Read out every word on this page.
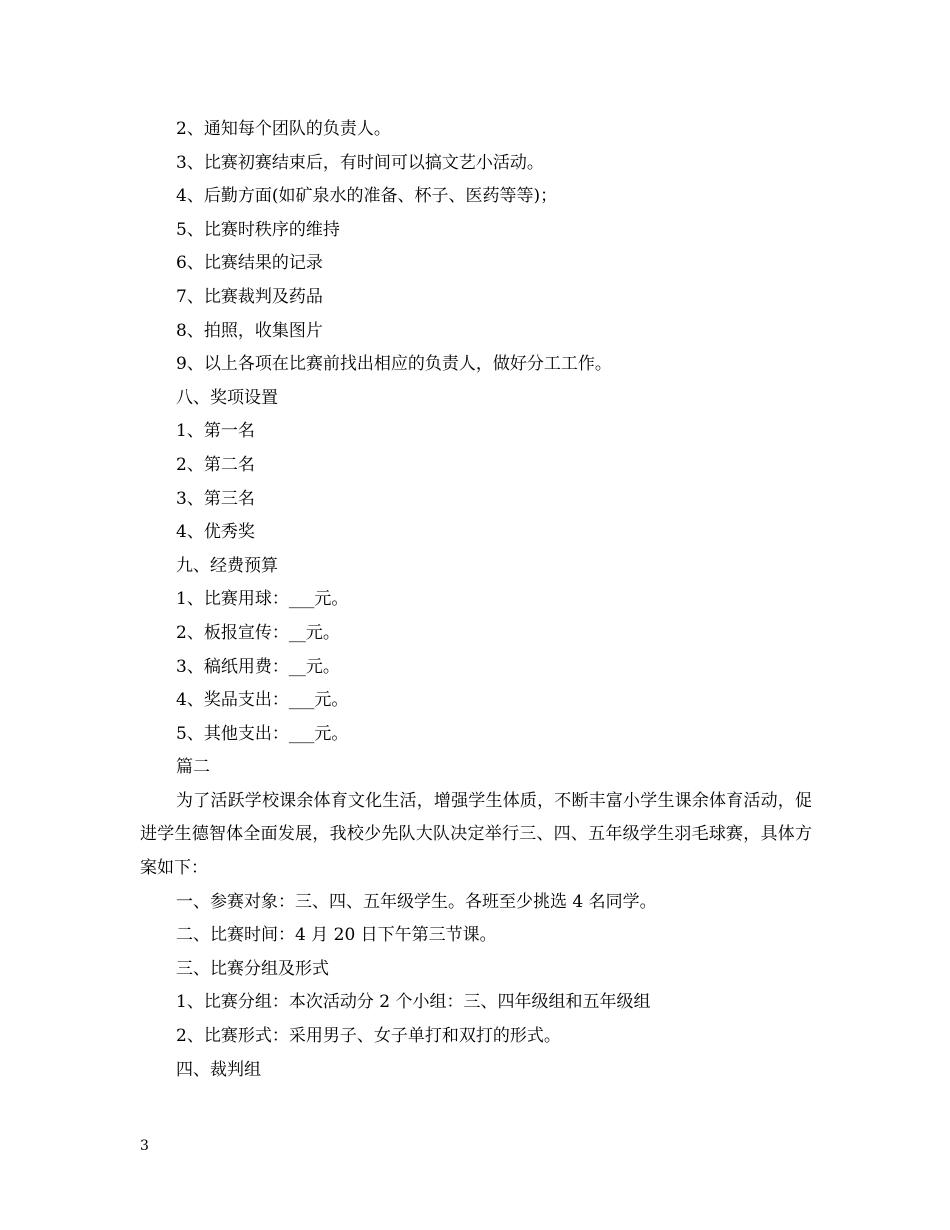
2、通知每个团队的负责人。
3、比赛初赛结束后，有时间可以搞文艺小活动。
4、后勤方面(如矿泉水的准备、杯子、医药等等)；
5、比赛时秩序的维持
6、比赛结果的记录
7、比赛裁判及药品
8、拍照，收集图片
9、以上各项在比赛前找出相应的负责人，做好分工工作。
八、奖项设置
1、第一名
2、第二名
3、第三名
4、优秀奖
九、经费预算
1、比赛用球：___元。
2、板报宣传：__元。
3、稿纸用费：__元。
4、奖品支出：___元。
5、其他支出：___元。
篇二
为了活跃学校课余体育文化生活，增强学生体质，不断丰富小学生课余体育活动，促进学生德智体全面发展，我校少先队大队决定举行三、四、五年级学生羽毛球赛，具体方案如下：
一、参赛对象：三、四、五年级学生。各班至少挑选 4 名同学。
二、比赛时间：4 月 20 日下午第三节课。
三、比赛分组及形式
1、比赛分组：本次活动分 2 个小组：三、四年级组和五年级组
2、比赛形式：采用男子、女子单打和双打的形式。
四、裁判组
3
